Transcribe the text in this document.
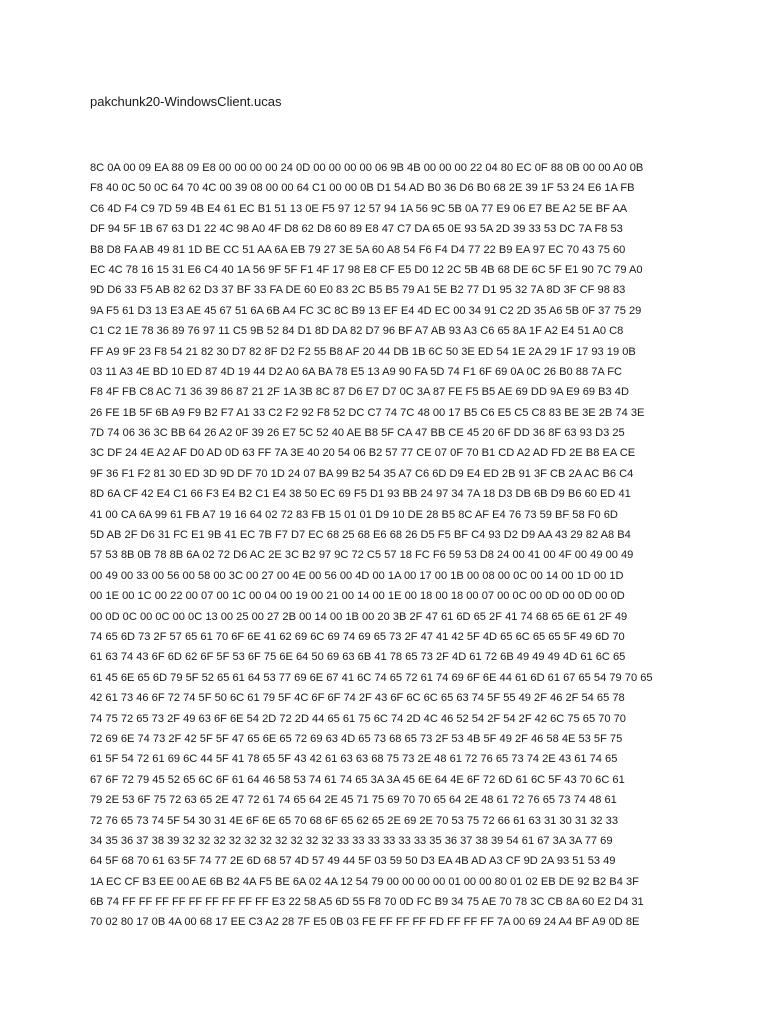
pakchunk20-WindowsClient.ucas
8C 0A 00 09 EA 88 09 E8 00 00 00 00 24 0D 00 00 00 00 06 9B 4B 00 00 00 22 04 80 EC 0F 88 0B 00 00 A0 0B
F8 40 0C 50 0C 64 70 4C 00 39 08 00 00 64 C1 00 00 0B D1 54 AD B0 36 D6 B0 68 2E 39 1F 53 24 E6 1A FB
C6 4D F4 C9 7D 59 4B E4 61 EC B1 51 13 0E F5 97 12 57 94 1A 56 9C 5B 0A 77 E9 06 E7 BE A2 5E BF AA
DF 94 5F 1B 67 63 D1 22 4C 98 A0 4F D8 62 D8 60 89 E8 47 C7 DA 65 0E 93 5A 2D 39 33 53 DC 7A F8 53
B8 D8 FA AB 49 81 1D BE CC 51 AA 6A EB 79 27 3E 5A 60 A8 54 F6 F4 D4 77 22 B9 EA 97 EC 70 43 75 60
EC 4C 78 16 15 31 E6 C4 40 1A 56 9F 5F F1 4F 17 98 E8 CF E5 D0 12 2C 5B 4B 68 DE 6C 5F E1 90 7C 79 A0
9D D6 33 F5 AB 82 62 D3 37 BF 33 FA DE 60 E0 83 2C B5 B5 79 A1 5E B2 77 D1 95 32 7A 8D 3F CF 98 83
9A F5 61 D3 13 E3 AE 45 67 51 6A 6B A4 FC 3C 8C B9 13 EF E4 4D EC 00 34 91 C2 2D 35 A6 5B 0F 37 75 29
C1 C2 1E 78 36 89 76 97 11 C5 9B 52 84 D1 8D DA 82 D7 96 BF A7 AB 93 A3 C6 65 8A 1F A2 E4 51 A0 C8
FF A9 9F 23 F8 54 21 82 30 D7 82 8F D2 F2 55 B8 AF 20 44 DB 1B 6C 50 3E ED 54 1E 2A 29 1F 17 93 19 0B
03 11 A3 4E BD 10 ED 87 4D 19 44 D2 A0 6A BA 78 E5 13 A9 90 FA 5D 74 F1 6F 69 0A 0C 26 B0 88 7A FC
F8 4F FB C8 AC 71 36 39 86 87 21 2F 1A 3B 8C 87 D6 E7 D7 0C 3A 87 FE F5 B5 AE 69 DD 9A E9 69 B3 4D
26 FE 1B 5F 6B A9 F9 B2 F7 A1 33 C2 F2 92 F8 52 DC C7 74 7C 48 00 17 B5 C6 E5 C5 C8 83 BE 3E 2B 74 3E
7D 74 06 36 3C BB 64 26 A2 0F 39 26 E7 5C 52 40 AE B8 5F CA 47 BB CE 45 20 6F DD 36 8F 63 93 D3 25
3C DF 24 4E A2 AF D0 AD 0D 63 FF 7A 3E 40 20 54 06 B2 57 77 CE 07 0F 70 B1 CD A2 AD FD 2E B8 EA CE
9F 36 F1 F2 81 30 ED 3D 9D DF 70 1D 24 07 BA 99 B2 54 35 A7 C6 6D D9 E4 ED 2B 91 3F CB 2A AC B6 C4
8D 6A CF 42 E4 C1 66 F3 E4 B2 C1 E4 38 50 EC 69 F5 D1 93 BB 24 97 34 7A 18 D3 DB 6B D9 B6 60 ED 41
41 00 CA 6A 99 61 FB A7 19 16 64 02 72 83 FB 15 01 01 D9 10 DE 28 B5 8C AF E4 76 73 59 BF 58 F0 6D
5D AB 2F D6 31 FC E1 9B 41 EC 7B F7 D7 EC 68 25 68 E6 68 26 D5 F5 BF C4 93 D2 D9 AA 43 29 82 A8 B4
57 53 8B 0B 78 8B 6A 02 72 D6 AC 2E 3C B2 97 9C 72 C5 57 18 FC F6 59 53 D8 24 00 41 00 4F 00 49 00 49
00 49 00 33 00 56 00 58 00 3C 00 27 00 4E 00 56 00 4D 00 1A 00 17 00 1B 00 08 00 0C 00 14 00 1D 00 1D
00 1E 00 1C 00 22 00 07 00 1C 00 04 00 19 00 21 00 14 00 1E 00 18 00 18 00 07 00 0C 00 0D 00 0D 00 0D
00 0D 0C 00 0C 00 0C 13 00 25 00 27 2B 00 14 00 1B 00 20 3B 2F 47 61 6D 65 2F 41 74 68 65 6E 61 2F 49
74 65 6D 73 2F 57 65 61 70 6F 6E 41 62 69 6C 69 74 69 65 73 2F 47 41 42 5F 4D 65 6C 65 65 5F 49 6D 70
61 63 74 43 6F 6D 62 6F 5F 53 6F 75 6E 64 50 69 63 6B 41 78 65 73 2F 4D 61 72 6B 49 49 49 4D 61 6C 65
61 45 6E 65 6D 79 5F 52 65 61 64 53 77 69 6E 67 41 6C 74 65 72 61 74 69 6F 6E 44 61 6D 61 67 65 54 79 70 65
42 61 73 46 6F 72 74 5F 50 6C 61 79 5F 4C 6F 6F 74 2F 43 6F 6C 6C 65 63 74 5F 55 49 2F 46 2F 54 65 78
74 75 72 65 73 2F 49 63 6F 6E 54 2D 72 2D 44 65 61 75 6C 74 2D 4C 46 52 54 2F 54 2F 42 6C 75 65 70 70
72 69 6E 74 73 2F 42 5F 5F 47 65 6E 65 72 69 63 4D 65 73 68 65 73 2F 53 4B 5F 49 2F 46 58 4E 53 5F 75
61 5F 54 72 61 69 6C 44 5F 41 78 65 5F 43 42 61 63 63 68 75 73 2E 48 61 72 76 65 73 74 2E 43 61 74 65
67 6F 72 79 45 52 65 6C 6F 61 64 46 58 53 74 61 74 65 3A 3A 45 6E 64 4E 6F 72 6D 61 6C 5F 43 70 6C 61
79 2E 53 6F 75 72 63 65 2E 47 72 61 74 65 64 2E 45 71 75 69 70 70 65 64 2E 48 61 72 76 65 73 74 48 61
72 76 65 73 74 5F 54 30 31 4E 6F 6E 65 70 68 6F 65 62 65 2E 69 2E 70 53 75 72 66 61 63 31 30 31 32 33
34 35 36 37 38 39 32 32 32 32 32 32 32 32 32 32 33 33 33 33 33 33 35 36 37 38 39 54 61 67 3A 3A 77 69
64 5F 68 70 61 63 5F 74 77 2E 6D 68 57 4D 57 49 44 5F 03 59 50 D3 EA 4B AD A3 CF 9D 2A 93 51 53 49
1A EC CF B3 EE 00 AE 6B B2 4A F5 BE 6A 02 4A 12 54 79 00 00 00 00 01 00 00 80 01 02 EB DE 92 B2 B4 3F
6B 74 FF FF FF FF FF FF FF FF FF E3 22 58 A5 6D 55 F8 70 0D FC B9 34 75 AE 70 78 3C CB 8A 60 E2 D4 31
70 02 80 17 0B 4A 00 68 17 EE C3 A2 28 7F E5 0B 03 FE FF FF FF FD FF FF FF 7A 00 69 24 A4 BF A9 0D 8E
